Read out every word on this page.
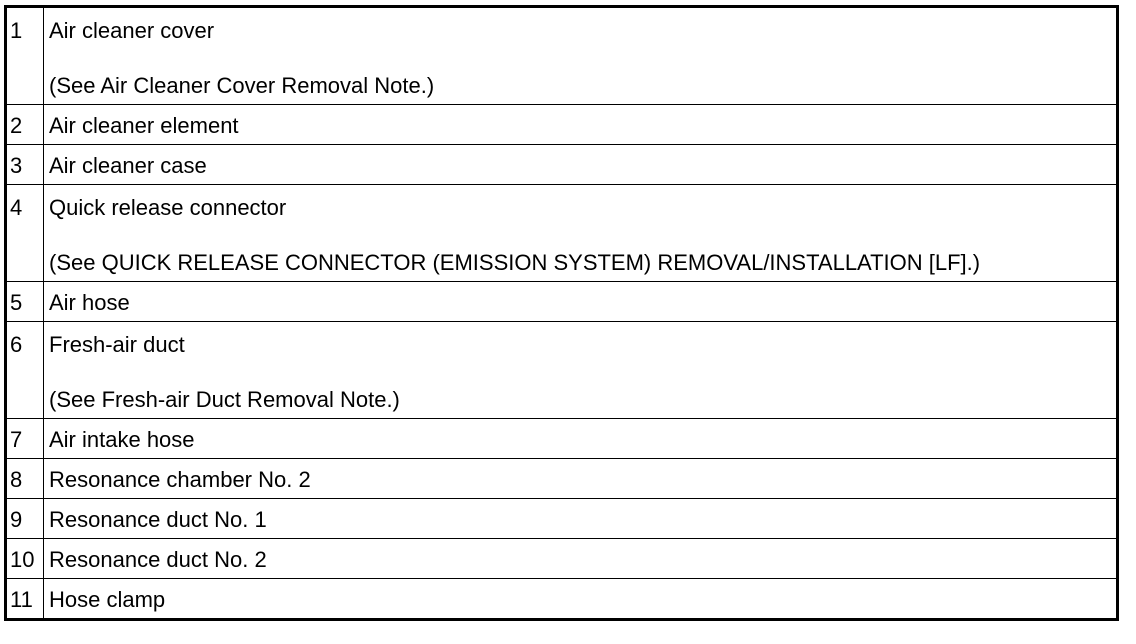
1	Air cleaner cover
(See Air Cleaner Cover Removal Note.)

2	Air cleaner element

3	Air cleaner case

4	Quick release connector
(See QUICK RELEASE CONNECTOR (EMISSION SYSTEM) REMOVAL/INSTALLATION [LF].)

5	Air hose

6	Fresh-air duct
(See Fresh-air Duct Removal Note.)

7	Air intake hose

8	Resonance chamber No. 2

9	Resonance duct No. 1

10	Resonance duct No. 2

11	Hose clamp
